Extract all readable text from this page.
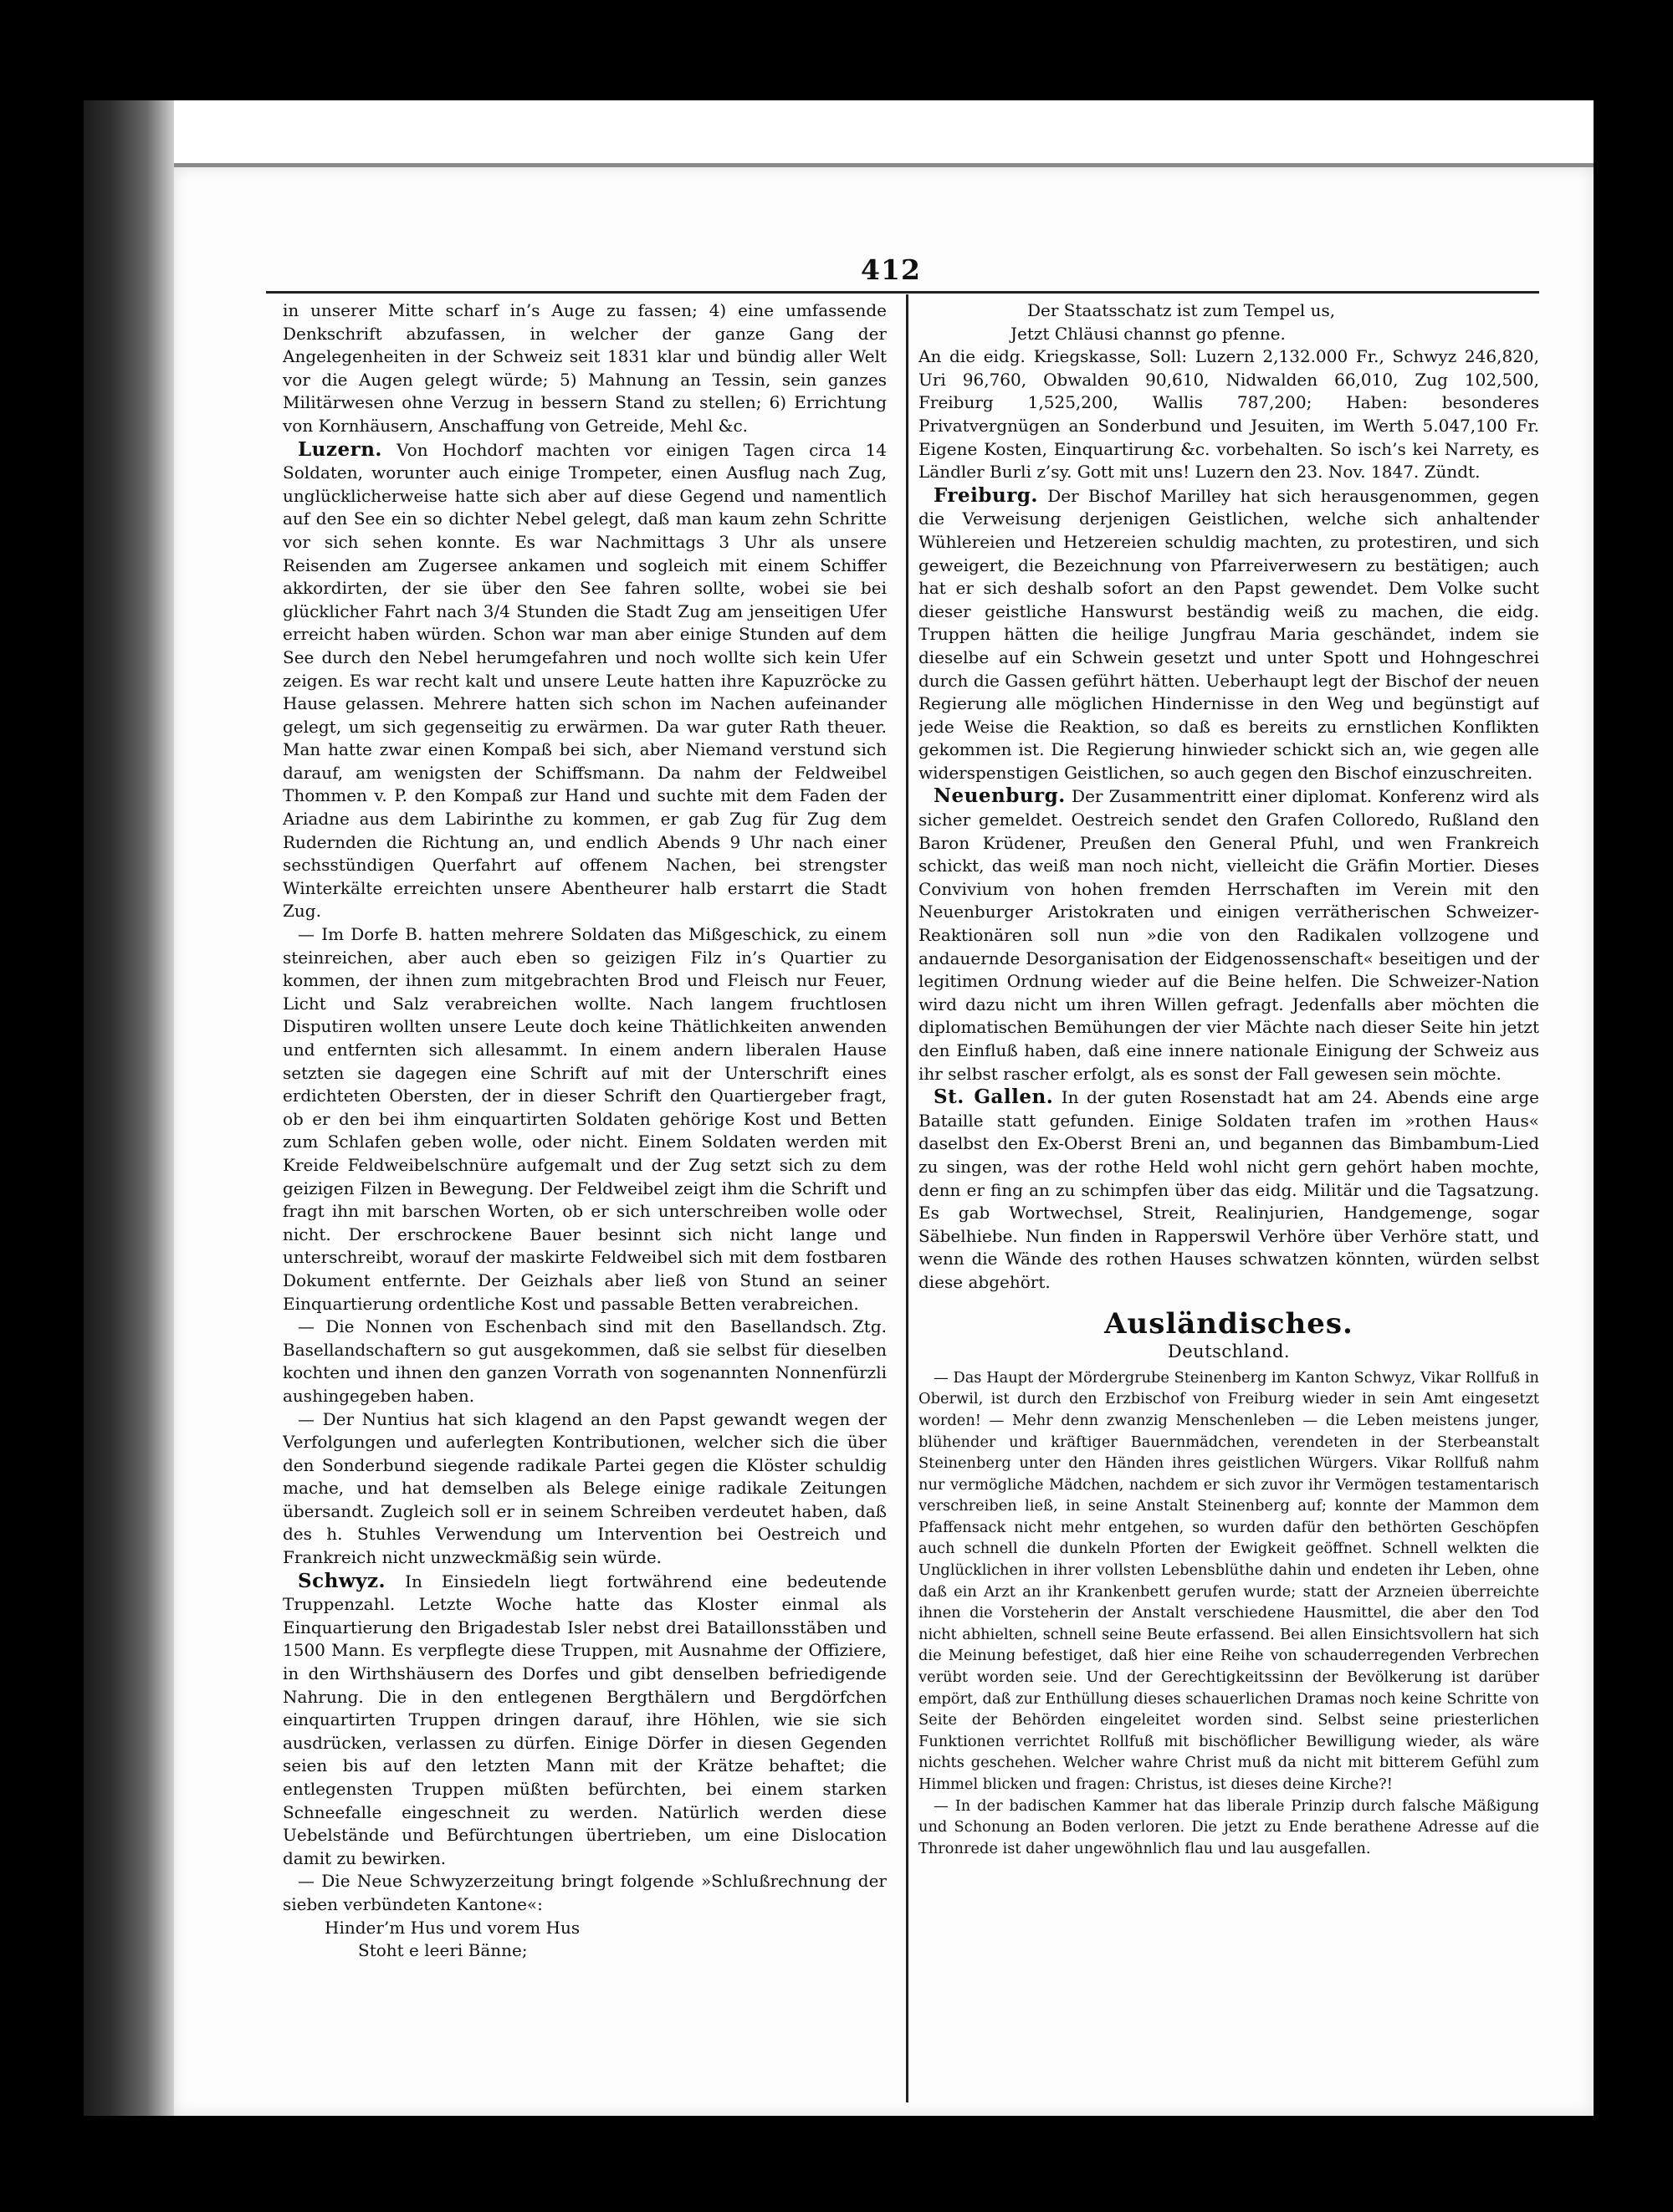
412

in unserer Mitte scharf in’s Auge zu fassen; 4) eine umfassende Denkschrift abzufassen, in welcher der ganze Gang der Angelegenheiten in der Schweiz seit 1831 klar und bündig aller Welt vor die Augen gelegt würde; 5) Mahnung an Tessin, sein ganzes Militärwesen ohne Verzug in bessern Stand zu stellen; 6) Errichtung von Kornhäusern, Anschaffung von Getreide, Mehl &c.

Luzern. Von Hochdorf machten vor einigen Tagen circa 14 Soldaten, worunter auch einige Trompeter, einen Ausflug nach Zug, unglücklicherweise hatte sich aber auf diese Gegend und namentlich auf den See ein so dichter Nebel gelegt, daß man kaum zehn Schritte vor sich sehen konnte. Es war Nachmittags 3 Uhr als unsere Reisenden am Zugersee ankamen und sogleich mit einem Schiffer akkordirten, der sie über den See fahren sollte, wobei sie bei glücklicher Fahrt nach 3/4 Stunden die Stadt Zug am jenseitigen Ufer erreicht haben würden. Schon war man aber einige Stunden auf dem See durch den Nebel herumgefahren und noch wollte sich kein Ufer zeigen. Es war recht kalt und unsere Leute hatten ihre Kapuzröcke zu Hause gelassen. Mehrere hatten sich schon im Nachen aufeinander gelegt, um sich gegenseitig zu erwärmen. Da war guter Rath theuer. Man hatte zwar einen Kompaß bei sich, aber Niemand verstund sich darauf, am wenigsten der Schiffsmann. Da nahm der Feldweibel Thommen v. P. den Kompaß zur Hand und suchte mit dem Faden der Ariadne aus dem Labirinthe zu kommen, er gab Zug für Zug dem Rudernden die Richtung an, und endlich Abends 9 Uhr nach einer sechsstündigen Querfahrt auf offenem Nachen, bei strengster Winterkälte erreichten unsere Abentheurer halb erstarrt die Stadt Zug.

— Im Dorfe B. hatten mehrere Soldaten das Mißgeschick, zu einem steinreichen, aber auch eben so geizigen Filz in’s Quartier zu kommen, der ihnen zum mitgebrachten Brod und Fleisch nur Feuer, Licht und Salz verabreichen wollte. Nach langem fruchtlosen Disputiren wollten unsere Leute doch keine Thätlichkeiten anwenden und entfernten sich allesammt. In einem andern liberalen Hause setzten sie dagegen eine Schrift auf mit der Unterschrift eines erdichteten Obersten, der in dieser Schrift den Quartiergeber fragt, ob er den bei ihm einquartirten Soldaten gehörige Kost und Betten zum Schlafen geben wolle, oder nicht. Einem Soldaten werden mit Kreide Feldweibelschnüre aufgemalt und der Zug setzt sich zu dem geizigen Filzen in Bewegung. Der Feldweibel zeigt ihm die Schrift und fragt ihn mit barschen Worten, ob er sich unterschreiben wolle oder nicht. Der erschrockene Bauer besinnt sich nicht lange und unterschreibt, worauf der maskirte Feldweibel sich mit dem fostbaren Dokument entfernte. Der Geizhals aber ließ von Stund an seiner Einquartierung ordentliche Kost und passable Betten verabreichen.
Basellandsch. Ztg.

— Die Nonnen von Eschenbach sind mit den Basellandschaftern so gut ausgekommen, daß sie selbst für dieselben kochten und ihnen den ganzen Vorrath von sogenannten Nonnenfürzli aushingegeben haben.

— Der Nuntius hat sich klagend an den Papst gewandt wegen der Verfolgungen und auferlegten Kontributionen, welcher sich die über den Sonderbund siegende radikale Partei gegen die Klöster schuldig mache, und hat demselben als Belege einige radikale Zeitungen übersandt. Zugleich soll er in seinem Schreiben verdeutet haben, daß des h. Stuhles Verwendung um Intervention bei Oestreich und Frankreich nicht unzweckmäßig sein würde.

Schwyz. In Einsiedeln liegt fortwährend eine bedeutende Truppenzahl. Letzte Woche hatte das Kloster einmal als Einquartierung den Brigadestab Isler nebst drei Bataillonsstäben und 1500 Mann. Es verpflegte diese Truppen, mit Ausnahme der Offiziere, in den Wirthshäusern des Dorfes und gibt denselben befriedigende Nahrung. Die in den entlegenen Bergthälern und Bergdörfchen einquartirten Truppen dringen darauf, ihre Höhlen, wie sie sich ausdrücken, verlassen zu dürfen. Einige Dörfer in diesen Gegenden seien bis auf den letzten Mann mit der Krätze behaftet; die entlegensten Truppen müßten befürchten, bei einem starken Schneefalle eingeschneit zu werden. Natürlich werden diese Uebelstände und Befürchtungen übertrieben, um eine Dislocation damit zu bewirken.

— Die Neue Schwyzerzeitung bringt folgende »Schlußrechnung der sieben verbündeten Kantone«:

Hinder’m Hus und vorem Hus

Stoht e leeri Bänne;

Der Staatsschatz ist zum Tempel us,

Jetzt Chläusi channst go pfenne.

An die eidg. Kriegskasse, Soll: Luzern 2,132.000 Fr., Schwyz 246,820, Uri 96,760, Obwalden 90,610, Nidwalden 66,010, Zug 102,500, Freiburg 1,525,200, Wallis 787,200; Haben: besonderes Privatvergnügen an Sonderbund und Jesuiten, im Werth 5.047,100 Fr. Eigene Kosten, Einquartirung &c. vorbehalten. So isch’s kei Narrety, es Ländler Burli z’sy. Gott mit uns! Luzern den 23. Nov. 1847. Zündt.

Freiburg. Der Bischof Marilley hat sich herausgenommen, gegen die Verweisung derjenigen Geistlichen, welche sich anhaltender Wühlereien und Hetzereien schuldig machten, zu protestiren, und sich geweigert, die Bezeichnung von Pfarreiverwesern zu bestätigen; auch hat er sich deshalb sofort an den Papst gewendet. Dem Volke sucht dieser geistliche Hanswurst beständig weiß zu machen, die eidg. Truppen hätten die heilige Jungfrau Maria geschändet, indem sie dieselbe auf ein Schwein gesetzt und unter Spott und Hohngeschrei durch die Gassen geführt hätten. Ueberhaupt legt der Bischof der neuen Regierung alle möglichen Hindernisse in den Weg und begünstigt auf jede Weise die Reaktion, so daß es bereits zu ernstlichen Konflikten gekommen ist. Die Regierung hinwieder schickt sich an, wie gegen alle widerspenstigen Geistlichen, so auch gegen den Bischof einzuschreiten.

Neuenburg. Der Zusammentritt einer diplomat. Konferenz wird als sicher gemeldet. Oestreich sendet den Grafen Colloredo, Rußland den Baron Krüdener, Preußen den General Pfuhl, und wen Frankreich schickt, das weiß man noch nicht, vielleicht die Gräfin Mortier. Dieses Convivium von hohen fremden Herrschaften im Verein mit den Neuenburger Aristokraten und einigen verrätherischen Schweizer-Reaktionären soll nun »die von den Radikalen vollzogene und andauernde Desorganisation der Eidgenossenschaft« beseitigen und der legitimen Ordnung wieder auf die Beine helfen. Die Schweizer-Nation wird dazu nicht um ihren Willen gefragt. Jedenfalls aber möchten die diplomatischen Bemühungen der vier Mächte nach dieser Seite hin jetzt den Einfluß haben, daß eine innere nationale Einigung der Schweiz aus ihr selbst rascher erfolgt, als es sonst der Fall gewesen sein möchte.

St. Gallen. In der guten Rosenstadt hat am 24. Abends eine arge Bataille statt gefunden. Einige Soldaten trafen im »rothen Haus« daselbst den Ex-Oberst Breni an, und begannen das Bimbambum-Lied zu singen, was der rothe Held wohl nicht gern gehört haben mochte, denn er fing an zu schimpfen über das eidg. Militär und die Tagsatzung. Es gab Wortwechsel, Streit, Realinjurien, Handgemenge, sogar Säbelhiebe. Nun finden in Rapperswil Verhöre über Verhöre statt, und wenn die Wände des rothen Hauses schwatzen könnten, würden selbst diese abgehört.

Ausländisches.
Deutschland.

— Das Haupt der Mördergrube Steinenberg im Kanton Schwyz, Vikar Rollfuß in Oberwil, ist durch den Erzbischof von Freiburg wieder in sein Amt eingesetzt worden! — Mehr denn zwanzig Menschenleben — die Leben meistens junger, blühender und kräftiger Bauernmädchen, verendeten in der Sterbeanstalt Steinenberg unter den Händen ihres geistlichen Würgers. Vikar Rollfuß nahm nur vermögliche Mädchen, nachdem er sich zuvor ihr Vermögen testamentarisch verschreiben ließ, in seine Anstalt Steinenberg auf; konnte der Mammon dem Pfaffensack nicht mehr entgehen, so wurden dafür den bethörten Geschöpfen auch schnell die dunkeln Pforten der Ewigkeit geöffnet. Schnell welkten die Unglücklichen in ihrer vollsten Lebensblüthe dahin und endeten ihr Leben, ohne daß ein Arzt an ihr Krankenbett gerufen wurde; statt der Arzneien überreichte ihnen die Vorsteherin der Anstalt verschiedene Hausmittel, die aber den Tod nicht abhielten, schnell seine Beute erfassend. Bei allen Einsichtsvollern hat sich die Meinung befestiget, daß hier eine Reihe von schauderregenden Verbrechen verübt worden seie. Und der Gerechtigkeitssinn der Bevölkerung ist darüber empört, daß zur Enthüllung dieses schauerlichen Dramas noch keine Schritte von Seite der Behörden eingeleitet worden sind. Selbst seine priesterlichen Funktionen verrichtet Rollfuß mit bischöflicher Bewilligung wieder, als wäre nichts geschehen. Welcher wahre Christ muß da nicht mit bitterem Gefühl zum Himmel blicken und fragen: Christus, ist dieses deine Kirche?!

— In der badischen Kammer hat das liberale Prinzip durch falsche Mäßigung und Schonung an Boden verloren. Die jetzt zu Ende berathene Adresse auf die Thronrede ist daher ungewöhnlich flau und lau ausgefallen.
